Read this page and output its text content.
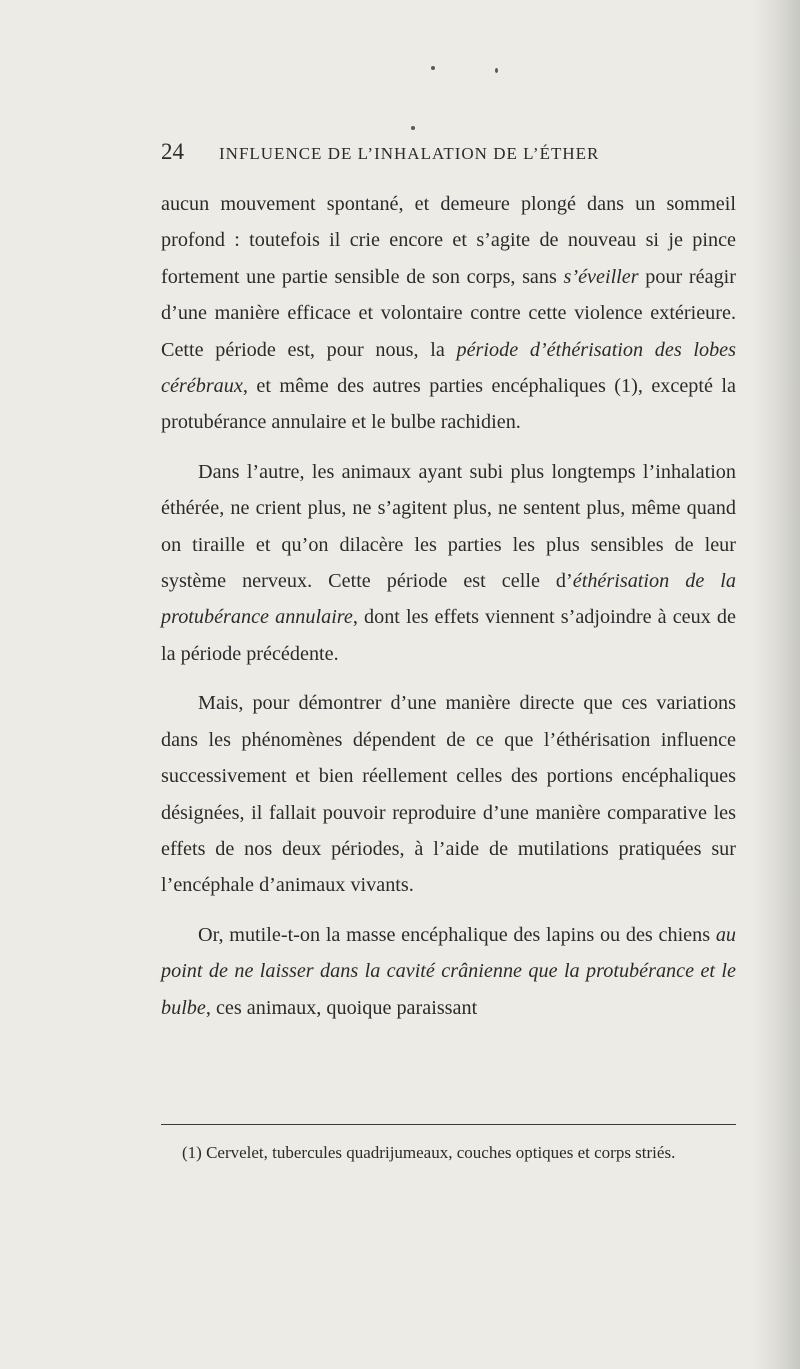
24	INFLUENCE DE L’INHALATION DE L’ÉTHER

aucun mouvement spontané, et demeure plongé dans un sommeil profond : toutefois il crie encore et s’agite de nouveau si je pince fortement une partie sensible de son corps, sans s’éveiller pour réagir d’une manière efficace et volontaire contre cette violence extérieure. Cette période est, pour nous, la période d’éthérisation des lobes cérébraux, et même des autres parties encéphaliques (1), excepté la protubérance annulaire et le bulbe rachidien.

Dans l’autre, les animaux ayant subi plus longtemps l’inhalation éthérée, ne crient plus, ne s’agitent plus, ne sentent plus, même quand on tiraille et qu’on dilacère les parties les plus sensibles de leur système nerveux. Cette période est celle d’éthérisation de la protubérance annulaire, dont les effets viennent s’adjoindre à ceux de la période précédente.

Mais, pour démontrer d’une manière directe que ces variations dans les phénomènes dépendent de ce que l’éthérisation influence successivement et bien réellement celles des portions encéphaliques désignées, il fallait pouvoir reproduire d’une manière comparative les effets de nos deux périodes, à l’aide de mutilations pratiquées sur l’encéphale d’animaux vivants.

Or, mutile-t-on la masse encéphalique des lapins ou des chiens au point de ne laisser dans la cavité crânienne que la protubérance et le bulbe, ces animaux, quoique paraissant

(1) Cervelet, tubercules quadrijumeaux, couches optiques et corps striés.
